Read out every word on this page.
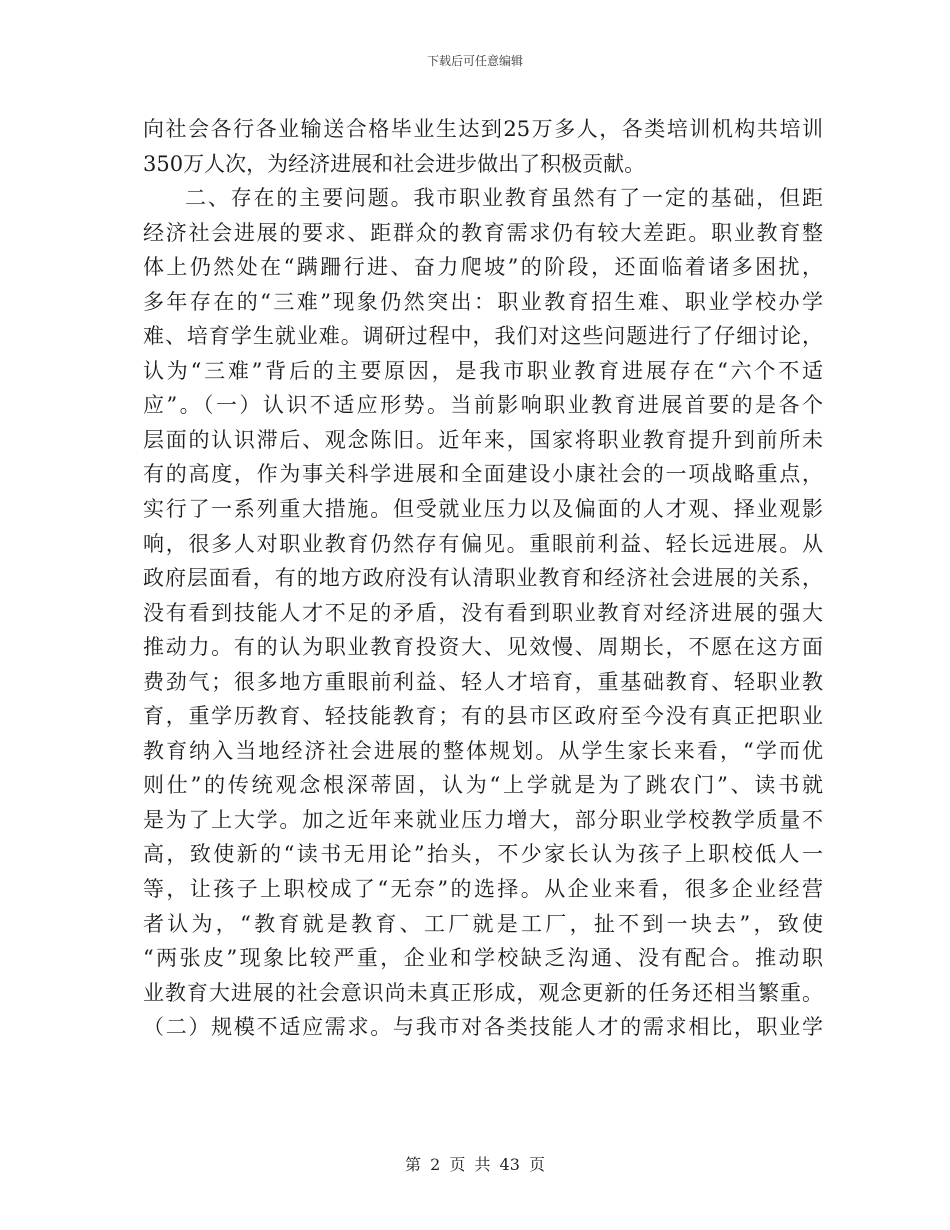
下载后可任意编辑
向社会各行各业输送合格毕业生达到25万多人，各类培训机构共培训
350万人次，为经济进展和社会进步做出了积极贡献。
二、存在的主要问题。我市职业教育虽然有了一定的基础，但距
经济社会进展的要求、距群众的教育需求仍有较大差距。职业教育整
体上仍然处在“蹒跚行进、奋力爬坡”的阶段，还面临着诸多困扰，
多年存在的“三难”现象仍然突出：职业教育招生难、职业学校办学
难、培育学生就业难。调研过程中，我们对这些问题进行了仔细讨论，
认为“三难”背后的主要原因，是我市职业教育进展存在“六个不适
应”。（一）认识不适应形势。当前影响职业教育进展首要的是各个
层面的认识滞后、观念陈旧。近年来，国家将职业教育提升到前所未
有的高度，作为事关科学进展和全面建设小康社会的一项战略重点，
实行了一系列重大措施。但受就业压力以及偏面的人才观、择业观影
响，很多人对职业教育仍然存有偏见。重眼前利益、轻长远进展。从
政府层面看，有的地方政府没有认清职业教育和经济社会进展的关系，
没有看到技能人才不足的矛盾，没有看到职业教育对经济进展的强大
推动力。有的认为职业教育投资大、见效慢、周期长，不愿在这方面
费劲气；很多地方重眼前利益、轻人才培育，重基础教育、轻职业教
育，重学历教育、轻技能教育；有的县市区政府至今没有真正把职业
教育纳入当地经济社会进展的整体规划。从学生家长来看，“学而优
则仕”的传统观念根深蒂固，认为“上学就是为了跳农门”、读书就
是为了上大学。加之近年来就业压力增大，部分职业学校教学质量不
高，致使新的“读书无用论”抬头，不少家长认为孩子上职校低人一
等，让孩子上职校成了“无奈”的选择。从企业来看，很多企业经营
者认为，“教育就是教育、工厂就是工厂，扯不到一块去”，致使
“两张皮”现象比较严重，企业和学校缺乏沟通、没有配合。推动职
业教育大进展的社会意识尚未真正形成，观念更新的任务还相当繁重。
（二）规模不适应需求。与我市对各类技能人才的需求相比，职业学
第 2 页 共 43 页
